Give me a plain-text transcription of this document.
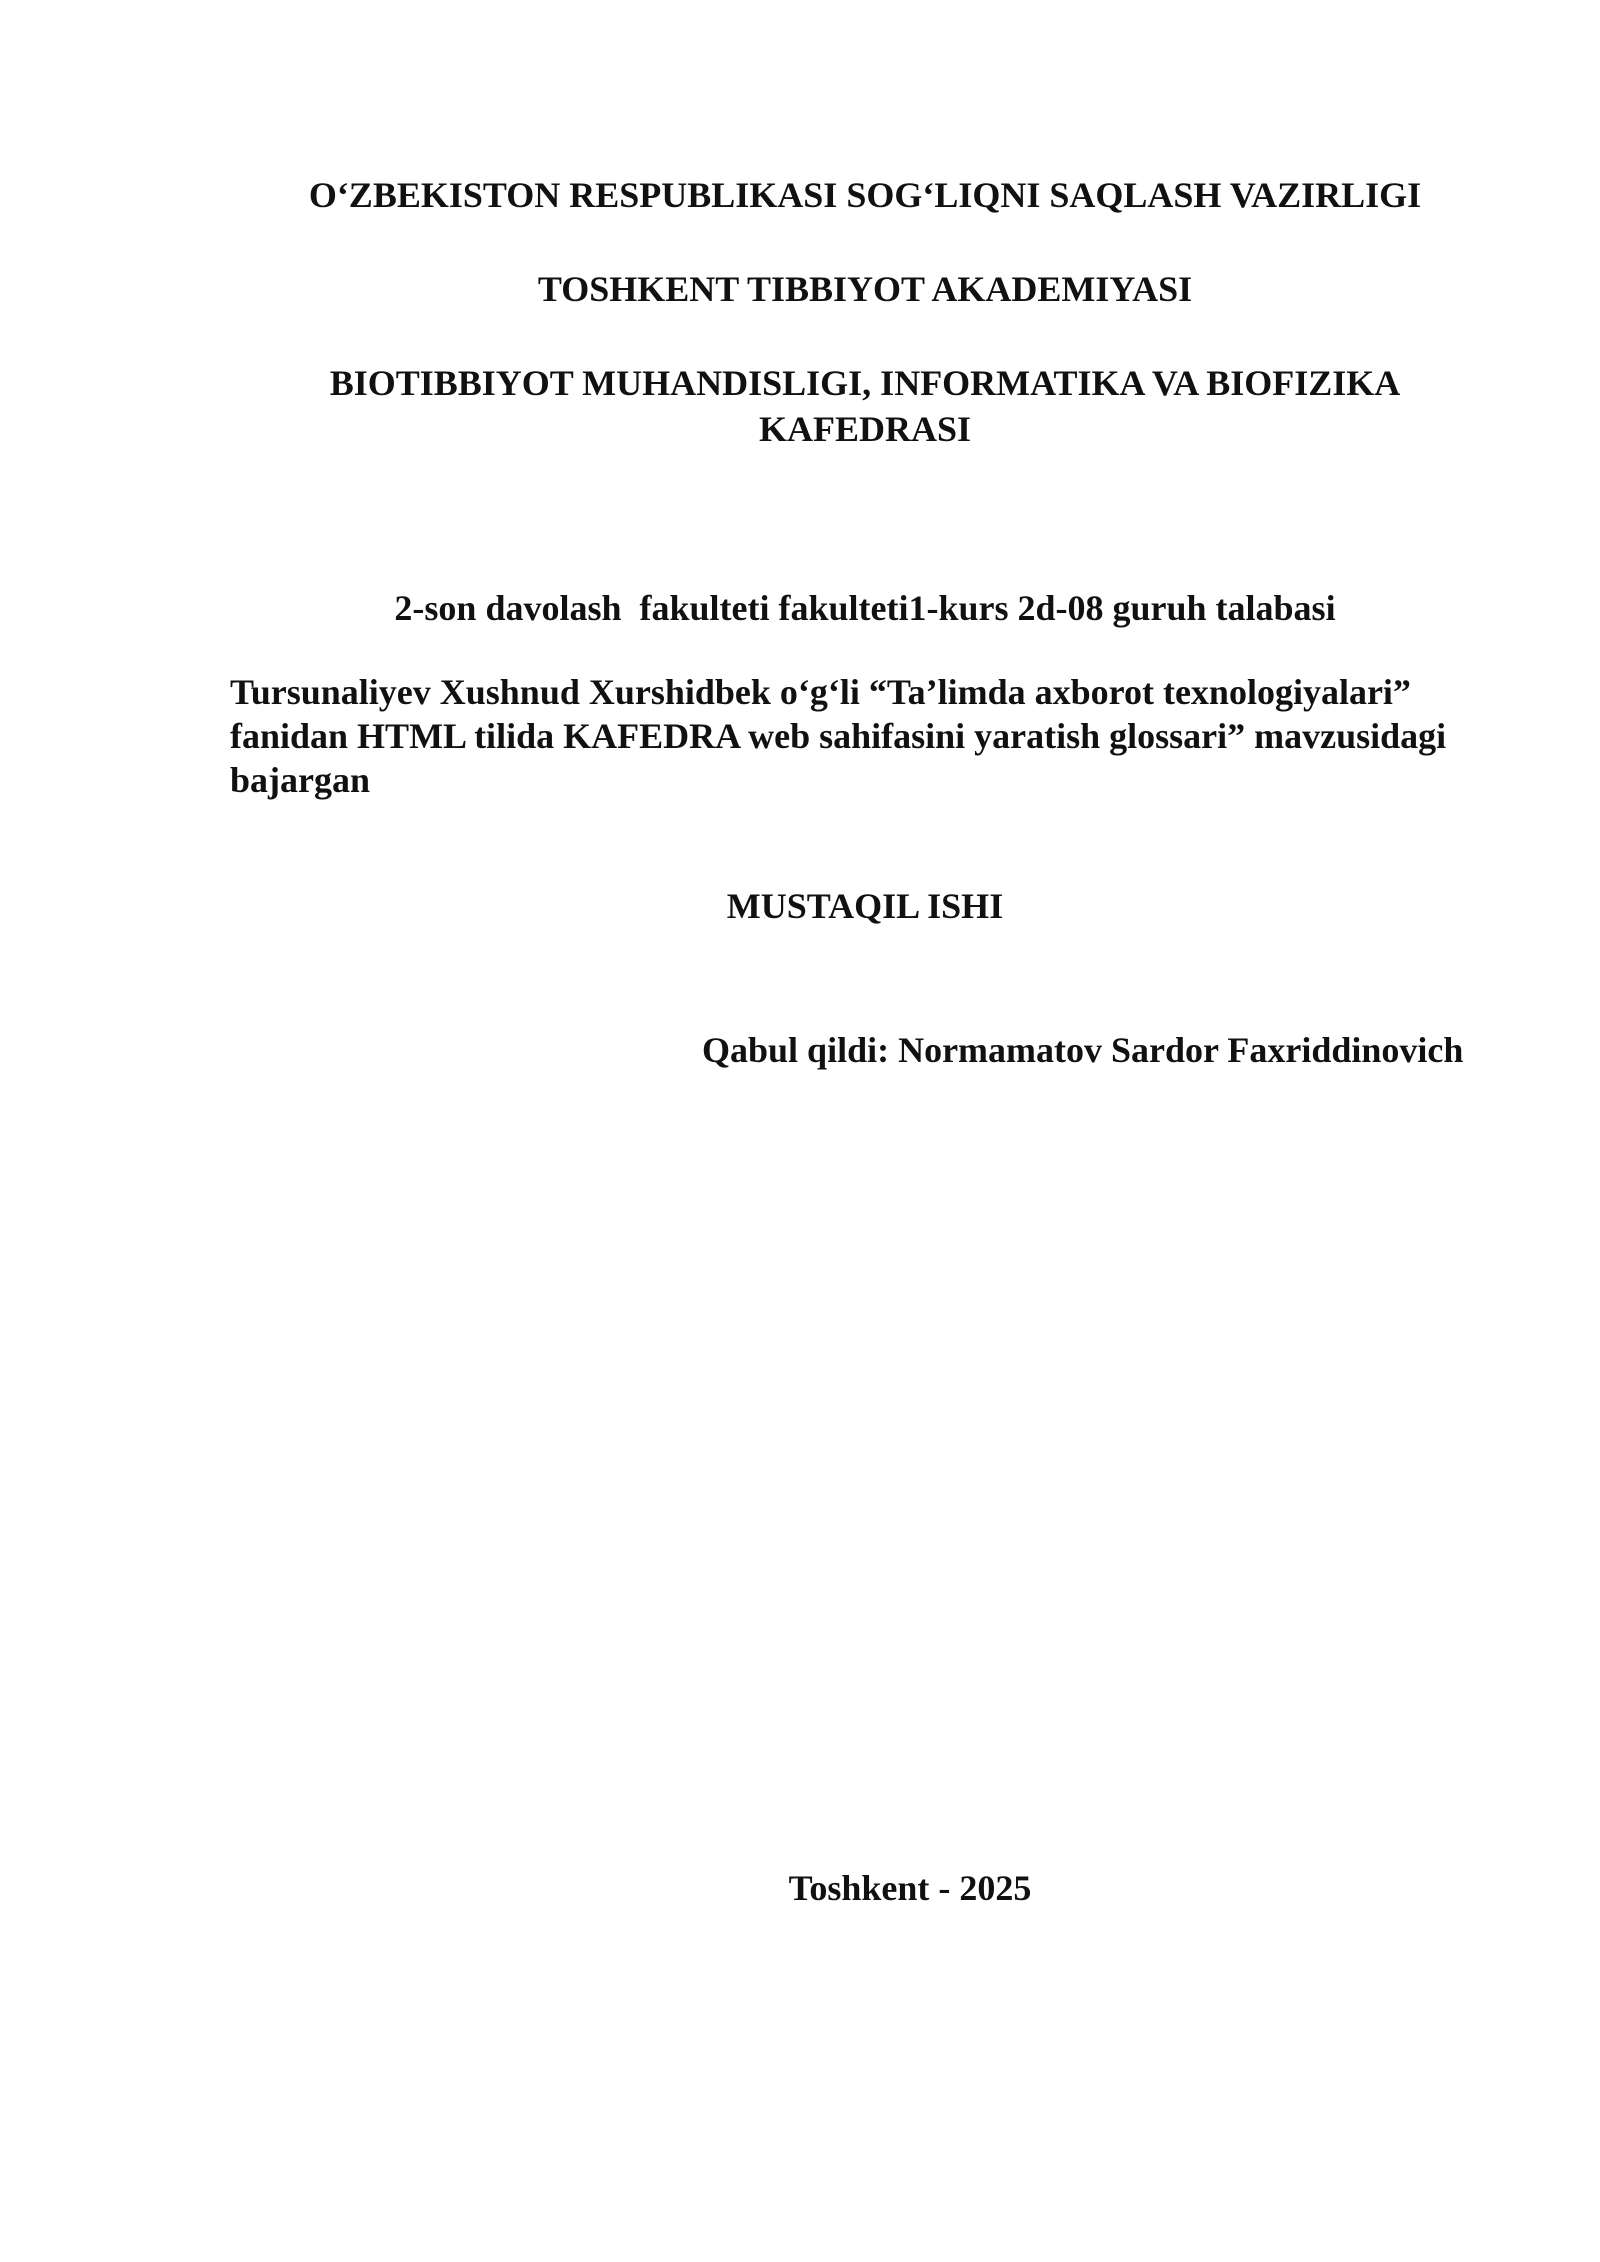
O‘ZBEKISTON RESPUBLIKASI SOG‘LIQNI SAQLASH VAZIRLIGI

TOSHKENT TIBBIYOT AKADEMIYASI

BIOTIBBIYOT MUHANDISLIGI, INFORMATIKA VA BIOFIZIKA

KAFEDRASI

2-son davolash  fakulteti fakulteti1-kurs 2d-08 guruh talabasi

Tursunaliyev Xushnud Xurshidbek o‘g‘li “Ta’limda axborot texnologiyalari” fanidan HTML tilida KAFEDRA web sahifasini yaratish glossari” mavzusidagi bajargan

MUSTAQIL ISHI

Qabul qildi: Normamatov Sardor Faxriddinovich

Toshkent - 2025
